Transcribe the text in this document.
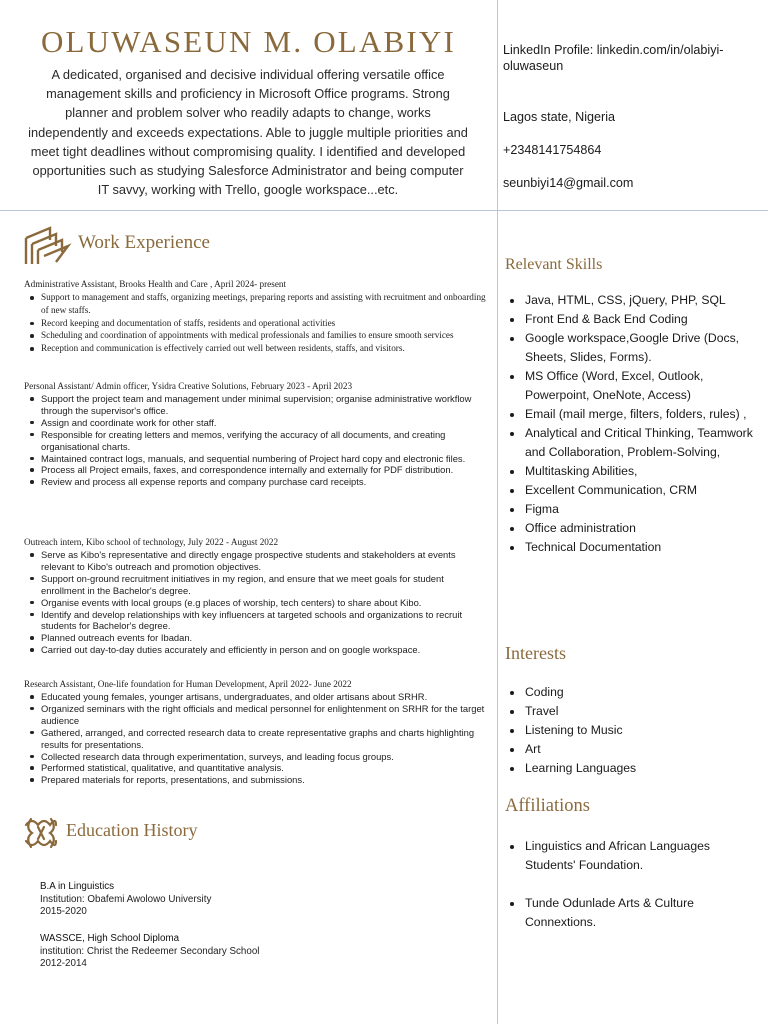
OLUWASEUN M. OLABIYI

A dedicated, organised and decisive individual offering versatile office management skills and proficiency in Microsoft Office programs. Strong planner and problem solver who readily adapts to change, works independently and exceeds expectations. Able to juggle multiple priorities and meet tight deadlines without compromising quality. I identified and developed opportunities such as studying Salesforce Administrator and being computer IT savvy, working with Trello, google workspace...etc.

LinkedIn Profile: linkedin.com/in/olabiyi-oluwaseun
Lagos state, Nigeria
+2348141754864
seunbiyi14@gmail.com
Work Experience
Administrative Assistant, Brooks Health and Care , April 2024- present
Support to management and staffs, organizing meetings, preparing reports and assisting with recruitment and onboarding of new staffs.
Record keeping and documentation of staffs, residents and operational activities
Scheduling and coordination of appointments with medical professionals and families to ensure smooth services
Reception and communication is effectively carried out well between residents, staffs, and visitors.
Personal Assistant/ Admin officer, Ysidra Creative Solutions, February 2023 - April 2023
Support the project team and management under minimal supervision; organise administrative workflow through the supervisor's office.
Assign and coordinate work for other staff.
Responsible for creating letters and memos, verifying the accuracy of all documents, and creating organisational charts.
Maintained contract logs, manuals, and sequential numbering of Project hard copy and electronic files.
Process all Project emails, faxes, and correspondence internally and externally for PDF distribution.
Review and process all expense reports and company purchase card receipts.
Outreach intern, Kibo school of technology, July 2022 - August 2022
Serve as Kibo's representative and directly engage prospective students and stakeholders at events relevant to Kibo's outreach and promotion objectives.
Support on-ground recruitment initiatives in my region, and ensure that we meet goals for student enrollment in the Bachelor's degree.
Organise events with local groups (e.g places of worship, tech centers) to share about Kibo.
Identify and develop relationships with key influencers at targeted schools and organizations to recruit students for Bachelor's degree.
Planned outreach events for Ibadan.
Carried out day-to-day duties accurately and efficiently in person and on google workspace.
Research Assistant, One-life foundation for Human Development, April 2022- June 2022
Educated young females, younger artisans, undergraduates, and older artisans about SRHR.
Organized seminars with the right officials and medical personnel for enlightenment on SRHR for the target audience
Gathered, arranged, and corrected research data to create representative graphs and charts highlighting results for presentations.
Collected research data through experimentation, surveys, and leading focus groups.
Performed statistical, qualitative, and quantitative analysis.
Prepared materials for reports, presentations, and submissions.
Education History
B.A in Linguistics
Institution: Obafemi Awolowo University
2015-2020
WASSCE, High School Diploma
institution: Christ the Redeemer Secondary School
2012-2014
Relevant Skills
Java, HTML, CSS, jQuery, PHP, SQL
Front End & Back End Coding
Google workspace,Google Drive (Docs, Sheets, Slides, Forms).
MS Office (Word, Excel, Outlook, Powerpoint, OneNote, Access)
Email (mail merge, filters, folders, rules) ,
Analytical and Critical Thinking, Teamwork and Collaboration, Problem-Solving,
Multitasking Abilities,
Excellent Communication, CRM
Figma
Office administration
Technical Documentation
Interests
Coding
Travel
Listening to Music
Art
Learning Languages
Affiliations
Linguistics and African Languages Students' Foundation.
Tunde Odunlade Arts & Culture Connextions.
